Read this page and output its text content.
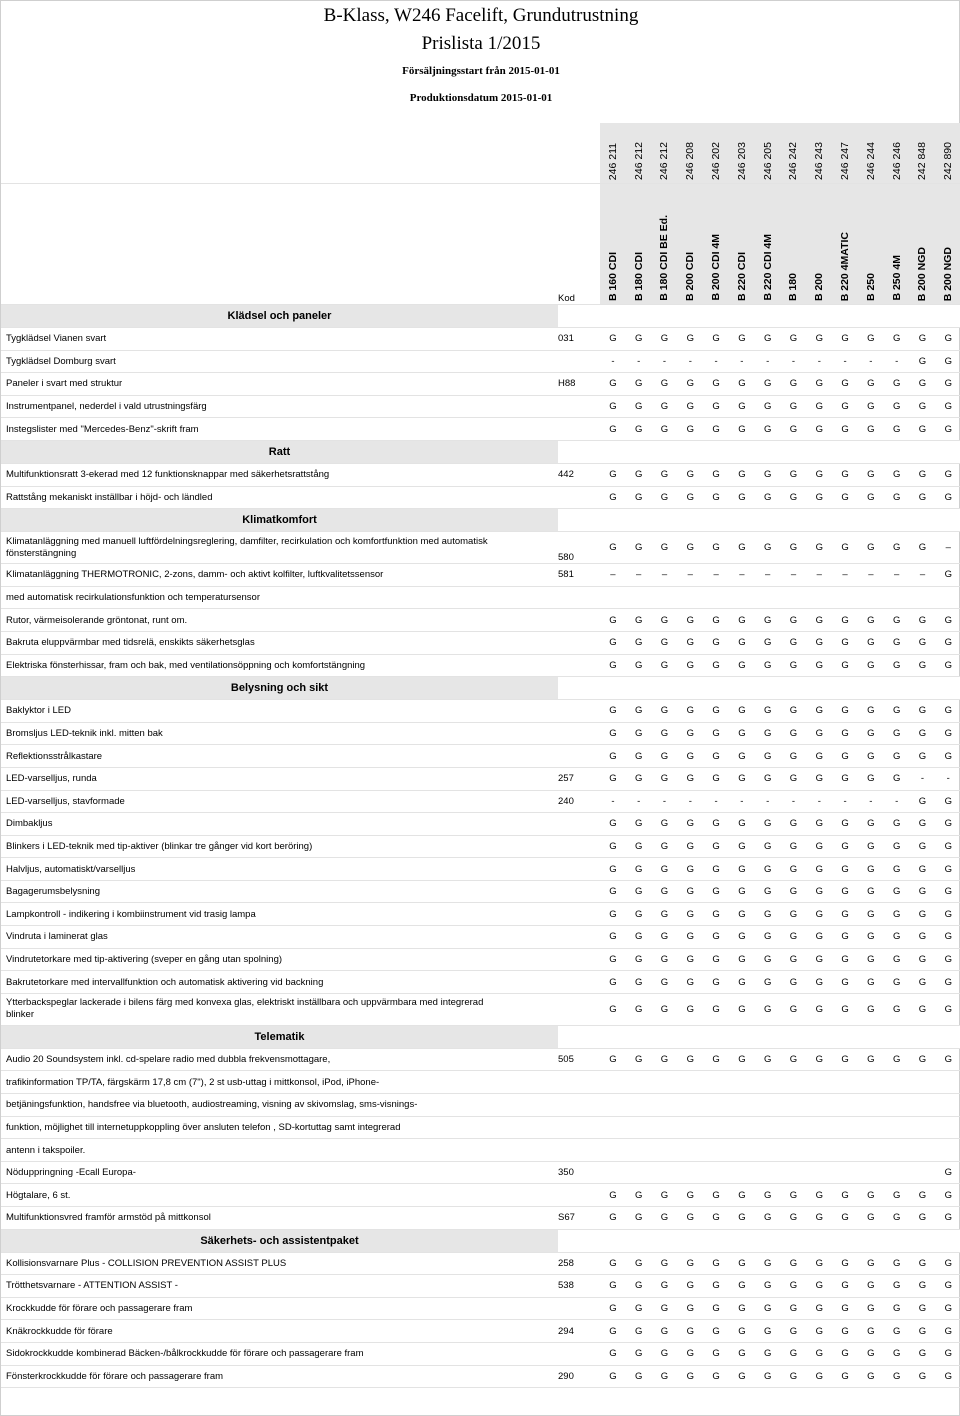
B-Klass, W246 Facelift, Grundutrustning
Prislista 1/2015
Försäljningsstart från 2015-01-01
Produktionsdatum 2015-01-01
		246 211	246 212	246 212	246 208	246 202	246 203	246 205	246 242	246 243	246 247	246 244	246 246	242 848	242 890
	Kod	B 160 CDI	B 180 CDI	B 180 CDI BE Ed.	B 200 CDI	B 200 CDI 4M	B 220 CDI	B 220 CDI 4M	B 180	B 200	B 220 4MATIC	B 250	B 250 4M	B 200 NGD	B 200 NGD
Klädsel och paneler															
Tygklädsel Vianen svart	031	G	G	G	G	G	G	G	G	G	G	G	G	G	G
Tygklädsel Domburg svart		-	-	-	-	-	-	-	-	-	-	-	-	G	G
Paneler i svart med struktur	H88	G	G	G	G	G	G	G	G	G	G	G	G	G	G
Instrumentpanel, nederdel i vald utrustningsfärg		G	G	G	G	G	G	G	G	G	G	G	G	G	G
Instegslister med "Mercedes-Benz"-skrift fram		G	G	G	G	G	G	G	G	G	G	G	G	G	G
Ratt															
Multifunktionsratt 3-ekerad med 12 funktionsknappar med säkerhetsrattstång	442	G	G	G	G	G	G	G	G	G	G	G	G	G	G
Rattstång mekaniskt inställbar i höjd- och ländled		G	G	G	G	G	G	G	G	G	G	G	G	G	G
Klimatkomfort															

Klimatanläggning med manuell luftfördelningsreglering, damfilter, recirkulation och komfortfunktion med automatisk
fönsterstängning	580	G	G	G	G	G	G	G	G	G	G	G	G	G	–
Klimatanläggning THERMOTRONIC, 2-zons, damm- och aktivt kolfilter, luftkvalitetssensor	581	–	–	–	–	–	–	–	–	–	–	–	–	–	G
med automatisk recirkulationsfunktion och temperatursensor															
Rutor, värmeisolerande gröntonat, runt om.		G	G	G	G	G	G	G	G	G	G	G	G	G	G
Bakruta eluppvärmbar med tidsrelä, enskikts säkerhetsglas		G	G	G	G	G	G	G	G	G	G	G	G	G	G
Elektriska fönsterhissar, fram och bak, med ventilationsöppning och komfortstängning		G	G	G	G	G	G	G	G	G	G	G	G	G	G
Belysning och sikt															
Baklyktor i LED		G	G	G	G	G	G	G	G	G	G	G	G	G	G
Bromsljus LED-teknik inkl. mitten bak		G	G	G	G	G	G	G	G	G	G	G	G	G	G
Reflektionsstrålkastare		G	G	G	G	G	G	G	G	G	G	G	G	G	G
LED-varselljus, runda	257	G	G	G	G	G	G	G	G	G	G	G	G	-	-
LED-varselljus, stavformade	240	-	-	-	-	-	-	-	-	-	-	-	-	G	G
Dimbakljus		G	G	G	G	G	G	G	G	G	G	G	G	G	G
Blinkers i LED-teknik med tip-aktiver (blinkar tre gånger vid kort beröring)		G	G	G	G	G	G	G	G	G	G	G	G	G	G
Halvljus, automatiskt/varselljus		G	G	G	G	G	G	G	G	G	G	G	G	G	G
Bagagerumsbelysning		G	G	G	G	G	G	G	G	G	G	G	G	G	G
Lampkontroll - indikering i kombiinstrument vid trasig lampa		G	G	G	G	G	G	G	G	G	G	G	G	G	G
Vindruta i laminerat glas		G	G	G	G	G	G	G	G	G	G	G	G	G	G
Vindrutetorkare med tip-aktivering (sveper en gång utan spolning)		G	G	G	G	G	G	G	G	G	G	G	G	G	G
Bakrutetorkare med intervallfunktion och automatisk aktivering vid backning		G	G	G	G	G	G	G	G	G	G	G	G	G	G

Ytterbackspeglar lackerade i bilens färg med konvexa glas, elektriskt inställbara och uppvärmbara med integrerad
blinker		G	G	G	G	G	G	G	G	G	G	G	G	G	G
Telematik															
Audio 20 Soundsystem inkl. cd-spelare radio med dubbla frekvensmottagare,	505	G	G	G	G	G	G	G	G	G	G	G	G	G	G
trafikinformation TP/TA, färgskärm 17,8 cm (7"), 2 st usb-uttag i mittkonsol, iPod, iPhone-															
betjäningsfunktion, handsfree via bluetooth, audiostreaming, visning av skivomslag, sms-visnings-															
funktion, möjlighet till internetuppkoppling över ansluten telefon , SD-kortuttag samt integrerad															
antenn i takspoiler.															
Nöduppringning -Ecall Europa-	350														G
Högtalare, 6 st.		G	G	G	G	G	G	G	G	G	G	G	G	G	G
Multifunktionsvred framför armstöd på mittkonsol	S67	G	G	G	G	G	G	G	G	G	G	G	G	G	G
Säkerhets- och assistentpaket															
Kollisionsvarnare Plus - COLLISION PREVENTION ASSIST PLUS	258	G	G	G	G	G	G	G	G	G	G	G	G	G	G
Trötthetsvarnare - ATTENTION ASSIST -	538	G	G	G	G	G	G	G	G	G	G	G	G	G	G
Krockkudde för förare och passagerare fram		G	G	G	G	G	G	G	G	G	G	G	G	G	G
Knäkrockkudde för förare	294	G	G	G	G	G	G	G	G	G	G	G	G	G	G
Sidokrockkudde kombinerad Bäcken-/bålkrockkudde för förare och passagerare fram		G	G	G	G	G	G	G	G	G	G	G	G	G	G
Fönsterkrockkudde för förare och passagerare fram	290	G	G	G	G	G	G	G	G	G	G	G	G	G	G
